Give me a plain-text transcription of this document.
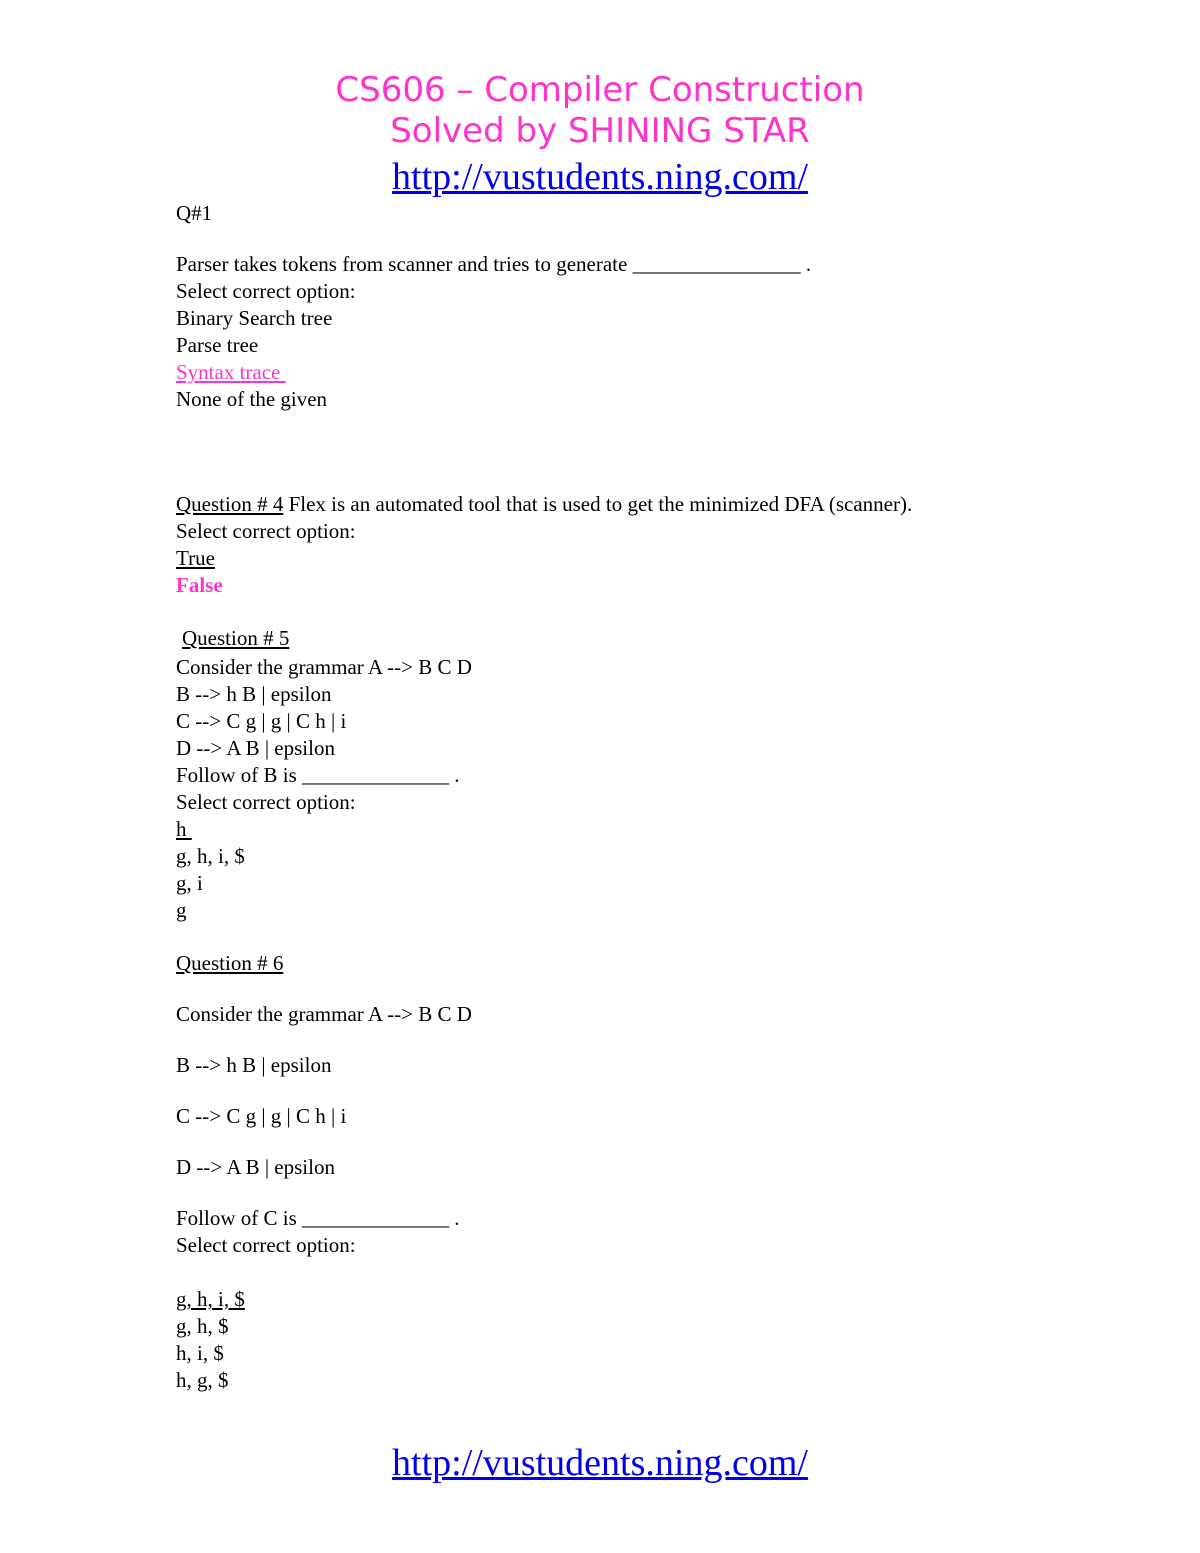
CS606 – Compiler Construction
Solved by SHINING STAR
http://vustudents.ning.com/
Q#1
Parser takes tokens from scanner and tries to generate ________________ .
Select correct option:
Binary Search tree
Parse tree
Syntax trace
None of the given
Question # 4 Flex is an automated tool that is used to get the minimized DFA (scanner).
Select correct option:
True
False
Question # 5
Consider the grammar A --> B C D
B --> h B | epsilon
C --> C g | g | C h | i
D --> A B | epsilon
Follow of B is ______________ .
Select correct option:
h
g, h, i, $
g, i
g
Question # 6
Consider the grammar A --> B C D
B --> h B | epsilon
C --> C g | g | C h | i
D --> A B | epsilon
Follow of C is ______________ .
Select correct option:
g, h, i, $
g, h, $
h, i, $
h, g, $
http://vustudents.ning.com/
